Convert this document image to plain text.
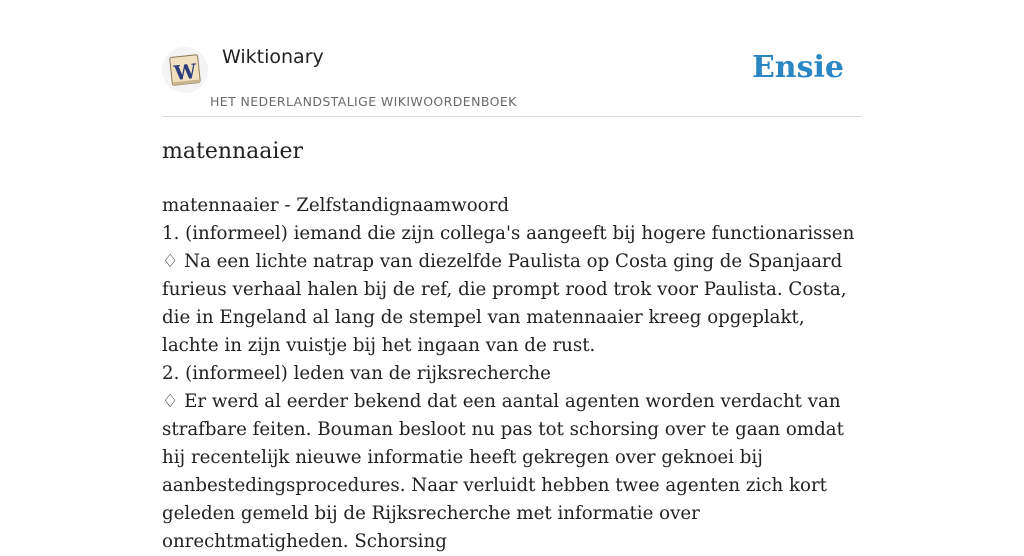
W
Wiktionary
HET NEDERLANDSTALIGE WIKIWOORDENBOEK
Ensie
matennaaier

matennaaier - Zelfstandignaamwoord

1. (informeel) iemand die zijn collega's aangeeft bij hogere functionarissen

♢ Na een lichte natrap van diezelfde Paulista op Costa ging de Spanjaard furieus verhaal halen bij de ref, die prompt rood trok voor Paulista. Costa, die in Engeland al lang de stempel van matennaaier kreeg opgeplakt, lachte in zijn vuistje bij het ingaan van de rust.

2. (informeel) leden van de rijksrecherche

♢ Er werd al eerder bekend dat een aantal agenten worden verdacht van strafbare feiten. Bouman besloot nu pas tot schorsing over te gaan omdat hij recentelijk nieuwe informatie heeft gekregen over geknoei bij aanbestedingsprocedures. Naar verluidt hebben twee agenten zich kort geleden gemeld bij de Rijksrecherche met informatie over onrechtmatigheden. Schorsing
